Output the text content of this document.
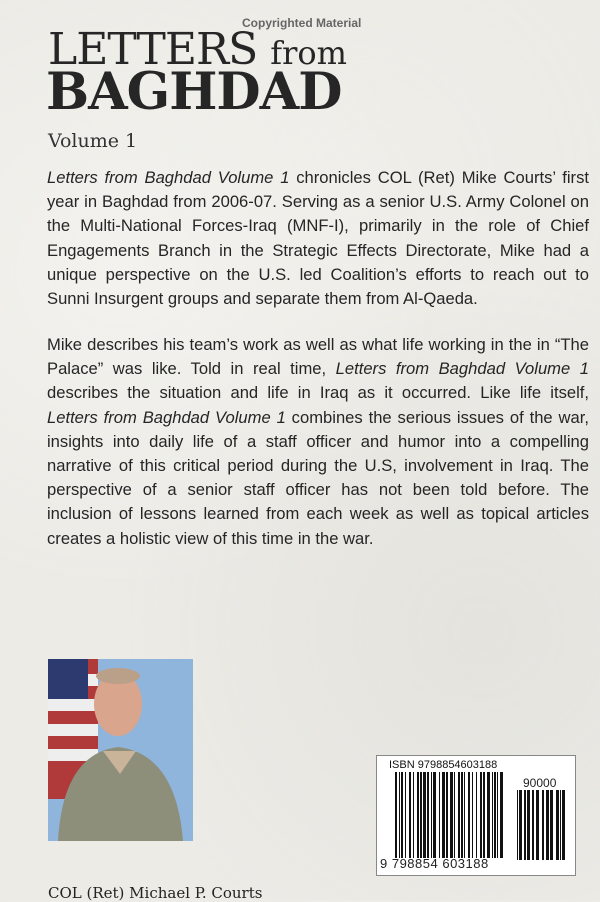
Copyrighted Material
LETTERS from
BAGHDAD
Volume 1

Letters from Baghdad Volume 1 chronicles COL (Ret) Mike Courts’ first year in Baghdad from 2006-07. Serving as a senior U.S. Army Colonel on the Multi-National Forces-Iraq (MNF-I), primarily in the role of Chief Engagements Branch in the Strategic Effects Directorate, Mike had a unique perspective on the U.S. led Coalition’s efforts to reach out to Sunni Insurgent groups and separate them from Al-Qaeda.

Mike describes his team’s work as well as what life working in the in “The Palace” was like. Told in real time, Letters from Baghdad Volume 1 describes the situation and life in Iraq as it occurred. Like life itself, Letters from Baghdad Volume 1 combines the serious issues of the war, insights into daily life of a staff officer and humor into a compelling narrative of this critical period during the U.S, involvement in Iraq. The perspective of a senior staff officer has not been told before. The inclusion of lessons learned from each week as well as topical articles creates a holistic view of this time in the war.

COL (Ret) Michael P. Courts
ISBN 9798854603188
90000
9 798854 603188
